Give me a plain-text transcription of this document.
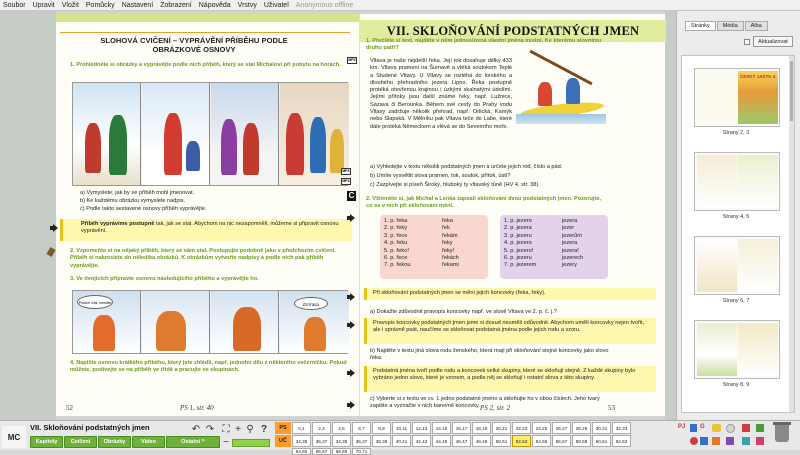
Soubor Upravit Vložit Pomůcky Nastavení Zobrazení Nápověda Vrstvy Uživatel Anonymous offline
SLOHOVÁ CVIČENÍ – VYPRÁVĚNÍ PŘÍBĚHU PODLE
OBRÁZKOVÉ OSNOVY
1. Prohlédněte si obrázky a vyprávějte podle nich příběh, který se stal Michalovi při pobytu na horách.
a) Vymyslete, jak by se příběh mohl jmenovat.
b) Ke každému obrázku vymyslete nadpis.
c) Podle takto sestavené osnovy příběh vyprávějte.
Příběh vyprávíme postupně tak, jak se stal. Abychom na nic nezapomněli, můžeme si připravit osnovu vyprávění.
2. Vzpomeňte si na nějaký příběh, který se vám stal. Postupujte podobně jako v předchozím cvičení. Příběh si nakreslete do několika obrázků. K obrázkům vytvořte nadpisy a podle nich pak příběh vyprávějte.
3. Ve dvojicích připravte osnovu následujícího příběhu a vyprávějte ho.
Prosím Vás, nemáte	Errrrasa
4. Napište osnovu krátkého příběhu, který jste zhlédli, např. jednoho dílu z některého večerníčku. Pokud můžete, podívejte se na příběh ve třídě a pracujte ve skupinách.
52	PS 1, str. 40
VII. SKLOŇOVÁNÍ PODSTATNÝCH JMEN
1. Přečtěte si text, najděte v něm jednoslovná vlastní jména místní. Ke kterému slovnímu druhu patří?
Vltava je naše nejdelší řeka. Její tok dosahuje délky 433 km. Vltava pramení na Šumavě a vtéká soutokem Teplé a Studené Vltavy. U Vltavy se rozléhá do lorského a dlouhého přehradního jezera Lipno. Řeka postupně protéká otevřenou krajinou i úzkými skalnatými údolími. Jejími přítoky jsou další známé řeky, např. Lužnice, Sázava či Berounka. Během své cesty do Prahy vodu Vltavy zadržuje několik přehrad, např. Orlická, Kamýk nebo Slapská. V Mělníku pak Vltava teče do Labe, které dále protéká Německem a vlévá se do Severního moře.
a) Vyhledejte v textu několik podstatných jmen a určete jejich rod, číslo a pád.
b) Umíte vysvětlit slova pramen, tok, soutok, přítok, ústí?
c) Zazpívejte si píseň Široký, hluboký ty vltavský tůně (HV 4, str. 38).
2. Všimněte si, jak Michal a Lenka zapsali skloňování dvou podstatných jmen. Pozorujte, co se v nich při skloňování mění.
1. p. řeka	řeka
2. p. řeky	řek
3. p. řece	řekám
4. p. řeku	řeky
5. p. řeko!	řeky!
6. p. řece	řekách
7. p. řekou	řekami
1. p. jezero	jezera
2. p. jezera	jezer
3. p. jezeru	jezerům
4. p. jezero	jezera
5. p. jezero!	jezera!
6. p. jezeru	jezerech
7. p. jezerem	jezery
Při skloňování podstatných jmen se mění jejich koncovky (řeka, řeky).
a) Dokažte zdůvodnit pravopis koncovky např. ve slově Vltava ve 2. p. č. j.?
Pravopis koncovky podstatných jmen jsme si dosud neuměli odůvodnit. Abychom uměli koncovky nejen tvořit, ale i správně psát, naučíme se skloňovat podstatná jména podle jejich rodu a vzoru.
b) Najděte v textu jiná slova rodu ženského, která mají při skloňování stejné koncovky jako slovo řeka.
Podstatná jména tvoří podle rodu a koncovek velké skupiny, které se skloňují stejně. Z každé skupiny bylo vybráno jedno slovo, které je vzorem, a podle něj se skloňují i ostatní slova z této skupiny.
c) Vyberte si z textu ve cv. 1 jedno podstatné jméno a skloňujte ho v obou číslech. Jeho tvary zapište a vyznačte v nich barevně koncovky. PS 2, str. 2	53
MP3
MP3
MP3
C
Stránky	Média	Alba
Aktualizovat
ČESKÝ JAZYK 4
Strany 2, 3
Strany 4, 5
Strany 6, 7
Strany 8, 9
MC
VII. Skloňování podstatných jmen
Kapitoly	Cvičení	Obrázky	Video	Ostatní ^
↶ ↷ ⛶ + ⚲ ?
−
PS
UČ
0,1	2,3	4,5	6,7	8,9	10,11	12,13	14,15	16,17	18,19	20,21	22,23	24,25	26,27	28,29	30,31	32,33
34,35	36,37	34,35	36,37	38,39	40,41	42,43	44,45	46,47	48,49	50,51	52,53	54,55	56,57	58,59	60,61	62,63
64,65	66,67	68,69	70,71
PJ G
